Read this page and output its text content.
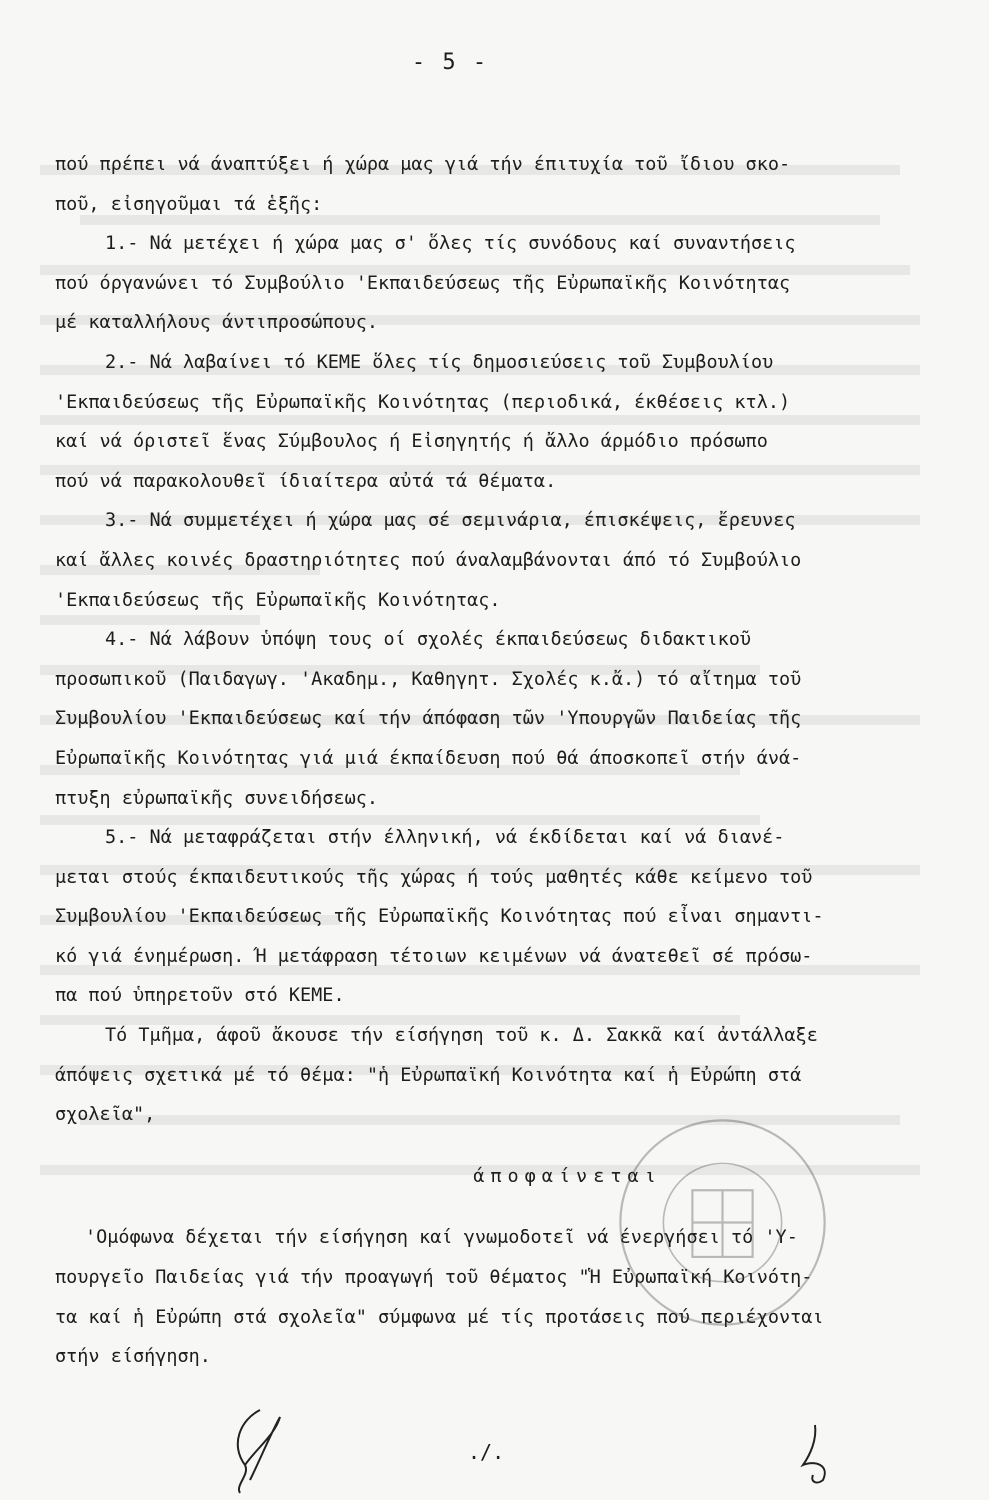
- 5 -

πού πρέπει νά άναπτύξει ή χώρα μας γιά τήν έπιτυχία τοῦ ἴδιου σκο-
ποῦ, εἰσηγοῦμαι τά ἑξῆς:

1.- Νά μετέχει ή χώρα μας σ' ὅλες τίς συνόδους καί συναντήσεις
πού όργανώνει τό Συμβούλιο 'Εκπαιδεύσεως τῆς Εὐρωπαϊκῆς Κοινότητας
μέ καταλλήλους άντιπροσώπους.

2.- Νά λαβαίνει τό ΚΕΜΕ ὅλες τίς δημοσιεύσεις τοῦ Συμβουλίου
'Εκπαιδεύσεως τῆς Εὐρωπαϊκῆς Κοινότητας (περιοδικά, έκθέσεις κτλ.)
καί νά όριστεῖ ἕνας Σύμβουλος ή Εἰσηγητής ή ἄλλο άρμόδιο πρόσωπο
πού νά παρακολουθεῖ ίδιαίτερα αὐτά τά θέματα.

3.- Νά συμμετέχει ή χώρα μας σέ σεμινάρια, έπισκέψεις, ἔρευνες
καί ἄλλες κοινές δραστηριότητες πού άναλαμβάνονται άπό τό Συμβούλιο
'Εκπαιδεύσεως τῆς Εὐρωπαϊκῆς Κοινότητας.

4.- Νά λάβουν ὑπόψη τους οί σχολές έκπαιδεύσεως διδακτικοῦ
προσωπικοῦ (Παιδαγωγ. 'Ακαδημ., Καθηγητ. Σχολές κ.ἄ.) τό αἴτημα τοῦ
Συμβουλίου 'Εκπαιδεύσεως καί τήν άπόφαση τῶν 'Υπουργῶν Παιδείας τῆς
Εὐρωπαϊκῆς Κοινότητας γιά μιά έκπαίδευση πού θά άποσκοπεῖ στήν άνά-
πτυξη εὐρωπαϊκῆς συνειδήσεως.

5.- Νά μεταφράζεται στήν έλληνική, νά έκδίδεται καί νά διανέ-
μεται στούς έκπαιδευτικούς τῆς χώρας ή τούς μαθητές κάθε κείμενο τοῦ
Συμβουλίου 'Εκπαιδεύσεως τῆς Εὐρωπαϊκῆς Κοινότητας πού εἶναι σημαντι-
κό γιά ένημέρωση. Ή μετάφραση τέτοιων κειμένων νά άνατεθεῖ σέ πρόσω-
πα πού ὑπηρετοῦν στό ΚΕΜΕ.

Τό Τμῆμα, άφοῦ ἄκουσε τήν είσήγηση τοῦ κ. Δ. Σακκᾶ καί ἀντάλλαξε
άπόψεις σχετικά μέ τό θέμα: "ἡ Εὐρωπαϊκή Κοινότητα καί ἡ Εὐρώπη στά
σχολεῖα",

άποφαίνεται

'Ομόφωνα δέχεται τήν είσήγηση καί γνωμοδοτεῖ νά ένεργήσει τό 'Υ-
πουργεῖο Παιδείας γιά τήν προαγωγή τοῦ θέματος "Ἡ Εὐρωπαϊκή Κοινότη-
τα καί ἡ Εὐρώπη στά σχολεῖα" σύμφωνα μέ τίς προτάσεις πού περιέχονται
στήν είσήγηση.

./.
